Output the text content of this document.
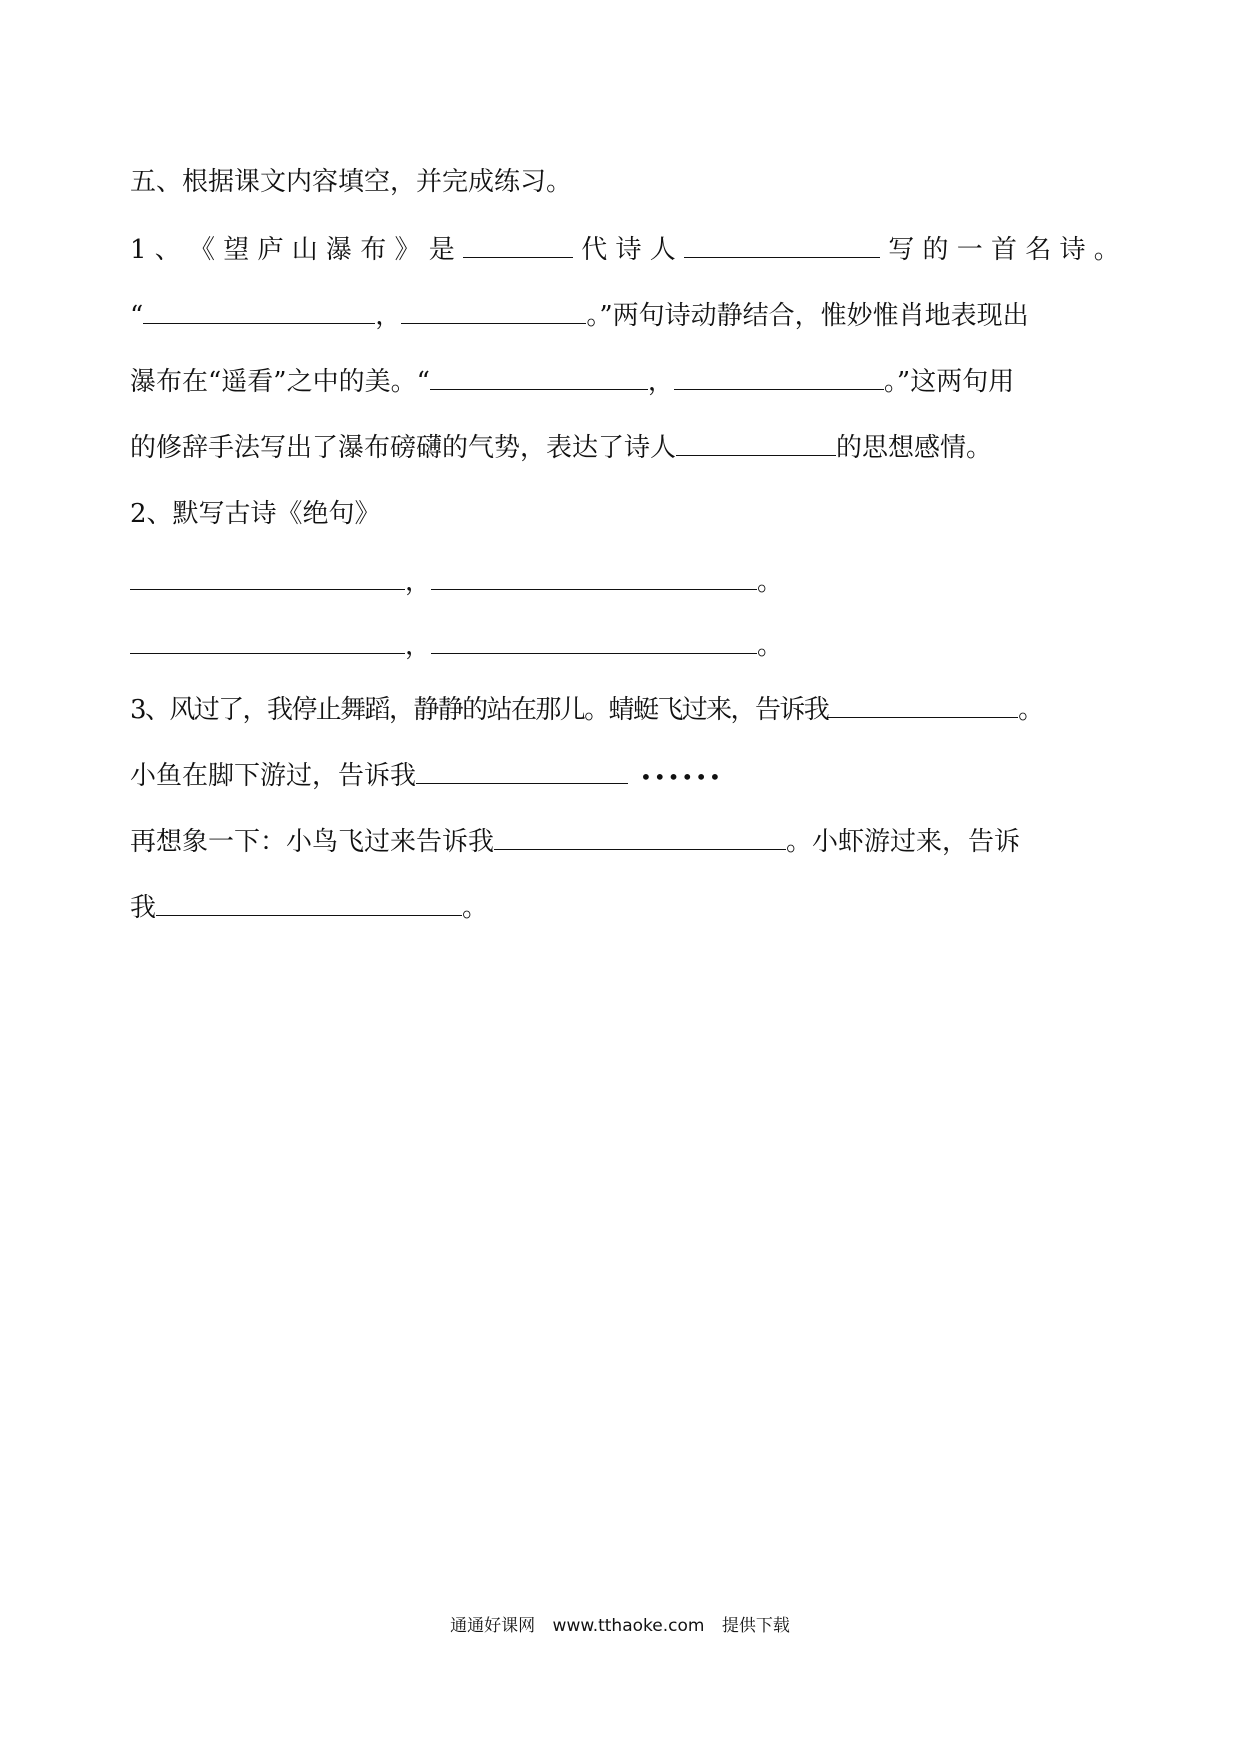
五、根据课文内容填空，并完成练习。
1 、 《 望 庐 山 瀑 布 》 是	代 诗 人	写 的 一 首 名 诗 。
“	，	。”两句诗动静结合，惟妙惟肖地表现出
瀑布在“遥看”之中的美。“	，	。”这两句用
的修辞手法写出了瀑布磅礴的气势，表达了诗人	的思想感情。
2、默写古诗《绝句》
，	。
，	。
3、风过了，我停止舞蹈，静静的站在那儿。蜻蜓飞过来，告诉我	。
小鱼在脚下游过，告诉我	••••••
再想象一下：小鸟飞过来告诉我	。小虾游过来，告诉
我	。
通通好课网 www.tthaoke.com 提供下载
